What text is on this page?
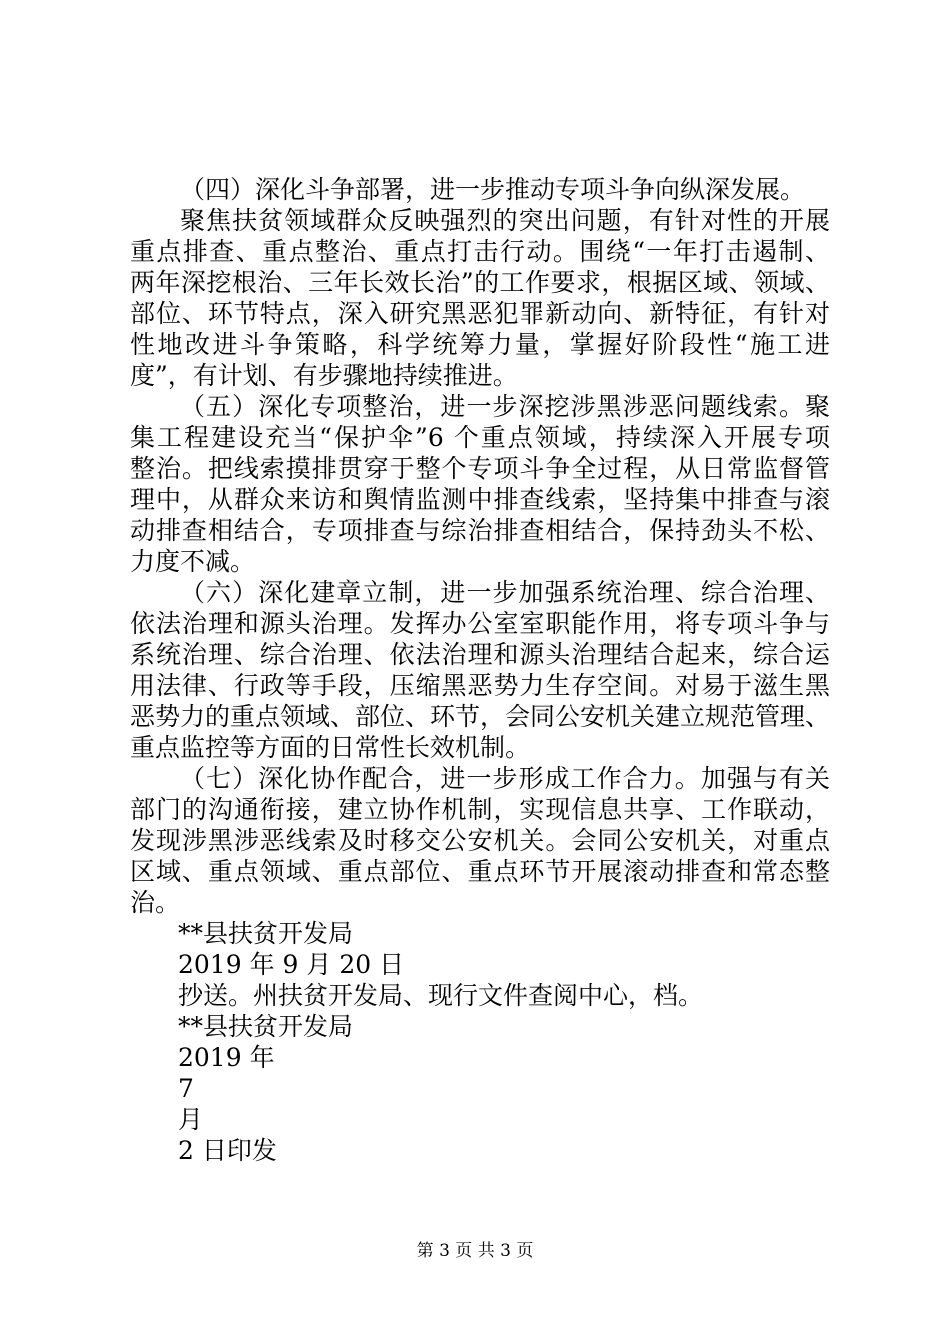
（四）深化斗争部署，进一步推动专项斗争向纵深发展。
聚焦扶贫领域群众反映强烈的突出问题，有针对性的开展
重点排查、重点整治、重点打击行动。围绕“一年打击遏制、
两年深挖根治、三年长效长治”的工作要求，根据区域、领域、
部位、环节特点，深入研究黑恶犯罪新动向、新特征，有针对
性地改进斗争策略，科学统筹力量，掌握好阶段性“施工进
度”，有计划、有步骤地持续推进。
（五）深化专项整治，进一步深挖涉黑涉恶问题线索。聚
集工程建设充当“保护伞”6 个重点领域，持续深入开展专项
整治。把线索摸排贯穿于整个专项斗争全过程，从日常监督管
理中，从群众来访和舆情监测中排查线索，坚持集中排查与滚
动排查相结合，专项排查与综治排查相结合，保持劲头不松、
力度不减。
（六）深化建章立制，进一步加强系统治理、综合治理、
依法治理和源头治理。发挥办公室室职能作用，将专项斗争与
系统治理、综合治理、依法治理和源头治理结合起来，综合运
用法律、行政等手段，压缩黑恶势力生存空间。对易于滋生黑
恶势力的重点领域、部位、环节，会同公安机关建立规范管理、
重点监控等方面的日常性长效机制。
（七）深化协作配合，进一步形成工作合力。加强与有关
部门的沟通衔接，建立协作机制，实现信息共享、工作联动，
发现涉黑涉恶线索及时移交公安机关。会同公安机关，对重点
区域、重点领域、重点部位、重点环节开展滚动排查和常态整
治。
**县扶贫开发局
2019 年 9 月 20 日
抄送。州扶贫开发局、现行文件查阅中心，档。
**县扶贫开发局
2019 年
7
月
2 日印发
第 3 页 共 3 页
